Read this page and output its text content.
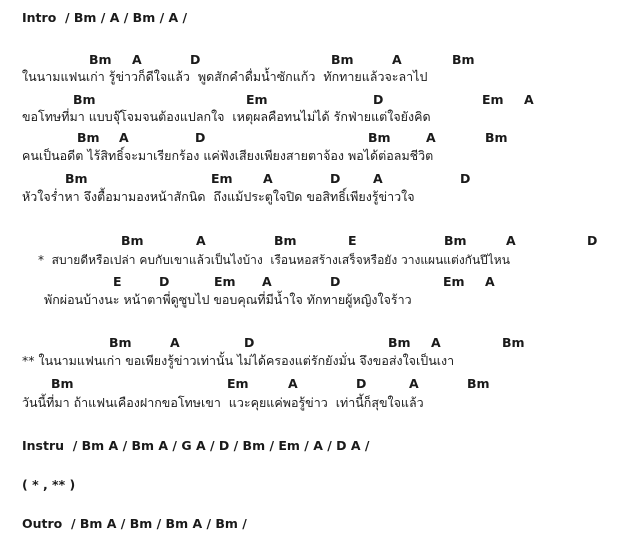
Intro  / Bm / A / Bm / A /
Bm A	D	Bm	A	Bm
ในนามแฟนเก่า รู้ข่าวก็ดีใจแล้ว  พูดสักคำดื่มน้ำซักแก้ว  ทักทายแล้วจะลาไป
Bm	Em	D	Em A
ขอโทษที่มา แบบจุ๊โจมจนต้องแปลกใจ  เหตุผลคือทนไม่ได้ รักฟ่ายแต่ใจยังคิด
Bm A	D	Bm	A	Bm
คนเป็นอดีต ไร้สิทธิ์จะมาเรียกร้อง แค่ฟังเสียงเพียงสายตาจ้อง พอได้ต่อลมชีวิต
Bm	Em A	D	A	D
หัวใจร่ำหา จึงตื้อมามองหน้าสักนิด  ถึงแม้ประตูใจปิด ขอสิทธิ์เพียงรู้ข่าวใจ
Bm	A	Bm	E	Bm	A	D
*  สบายดีหรือเปล่า คบกับเขาแล้วเป็นไงบ้าง  เรือนหอสร้างเสร็จหรือยัง วางแผนแต่งกันปีไหน
E	D	Em A	D	Em A
พักผ่อนบ้างนะ หน้าตาพี่ดูซูบไป ขอบคุณที่มีน้ำใจ ทักทายผู้หญิงใจร้าว
Bm	A	D	Bm A	Bm
** ในนามแฟนเก่า ขอเพียงรู้ข่าวเท่านั้น ไม่ได้ครองแต่รักยังมั่น จึงขอส่งใจเป็นเงา
Bm	Em	A	D	A	Bm
วันนี้ที่มา ถ้าแฟนเคืองฝากขอโทษเขา  แวะคุยแค่พอรู้ข่าว  เท่านี้ก็สุขใจแล้ว
Instru  / Bm A / Bm A / G A / D / Bm / Em / A / D A /
( * , ** )
Outro  / Bm A / Bm / Bm A / Bm /
